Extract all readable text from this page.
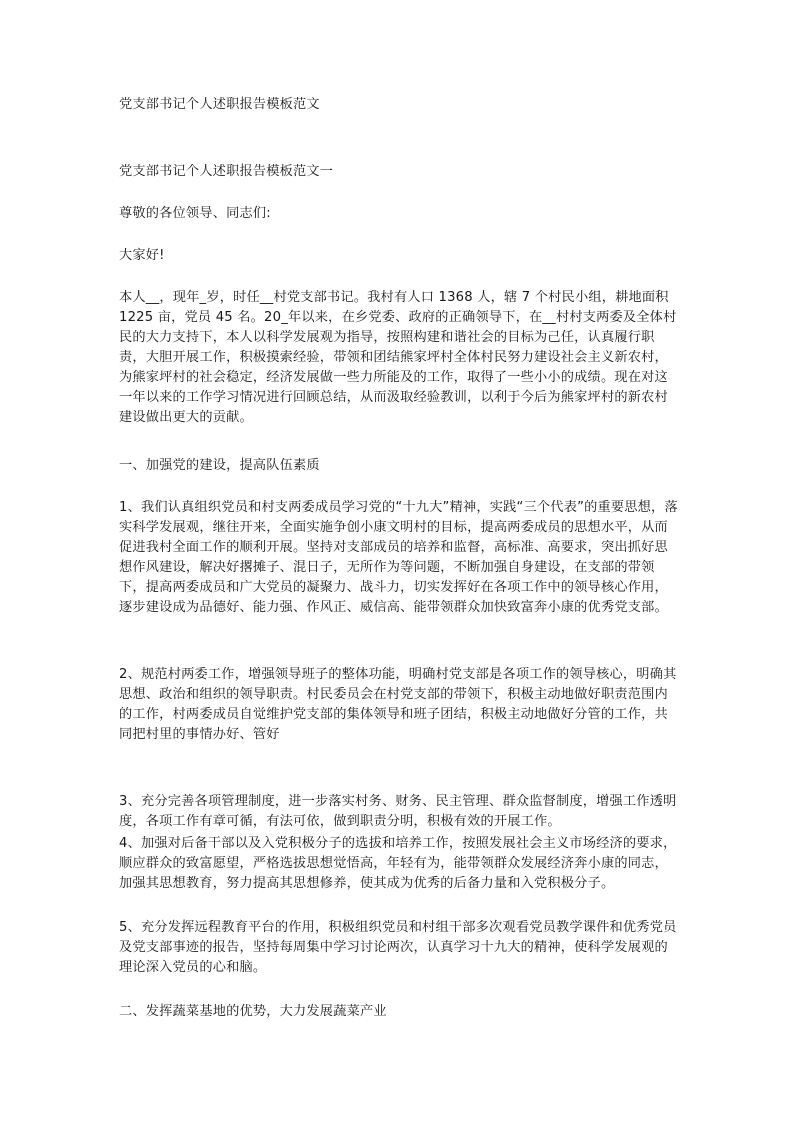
党支部书记个人述职报告模板范文

党支部书记个人述职报告模板范文一

尊敬的各位领导、同志们:

大家好!

本人__，现年_岁，时任__村党支部书记。我村有人口 1368 人，辖 7 个村民小组，耕地面积 1225 亩，党员 45 名。20_年以来，在乡党委、政府的正确领导下，在__村村支两委及全体村民的大力支持下，本人以科学发展观为指导，按照构建和谐社会的目标为己任，认真履行职责，大胆开展工作，积极摸索经验，带领和团结熊家坪村全体村民努力建设社会主义新农村，为熊家坪村的社会稳定，经济发展做一些力所能及的工作，取得了一些小小的成绩。现在对这一年以来的工作学习情况进行回顾总结，从而汲取经验教训，以利于今后为熊家坪村的新农村建设做出更大的贡献。

一、加强党的建设，提高队伍素质

1、我们认真组织党员和村支两委成员学习党的“十九大”精神，实践“三个代表”的重要思想，落实科学发展观，继往开来，全面实施争创小康文明村的目标，提高两委成员的思想水平，从而促进我村全面工作的顺利开展。坚持对支部成员的培养和监督，高标准、高要求，突出抓好思想作风建设，解决好撂摊子、混日子，无所作为等问题，不断加强自身建设，在支部的带领下，提高两委成员和广大党员的凝聚力、战斗力，切实发挥好在各项工作中的领导核心作用，逐步建设成为品德好、能力强、作风正、威信高、能带领群众加快致富奔小康的优秀党支部。

2、规范村两委工作，增强领导班子的整体功能，明确村党支部是各项工作的领导核心，明确其思想、政治和组织的领导职责。村民委员会在村党支部的带领下，积极主动地做好职责范围内的工作，村两委成员自觉维护党支部的集体领导和班子团结，积极主动地做好分管的工作，共同把村里的事情办好、管好

3、充分完善各项管理制度，进一步落实村务、财务、民主管理、群众监督制度，增强工作透明度，各项工作有章可循，有法可依，做到职责分明，积极有效的开展工作。

4、加强对后备干部以及入党积极分子的选拔和培养工作，按照发展社会主义市场经济的要求，顺应群众的致富愿望，严格选拔思想觉悟高，年轻有为，能带领群众发展经济奔小康的同志，加强其思想教育，努力提高其思想修养，使其成为优秀的后备力量和入党积极分子。

5、充分发挥远程教育平台的作用，积极组织党员和村组干部多次观看党员教学课件和优秀党员及党支部事迹的报告，坚持每周集中学习讨论两次，认真学习十九大的精神，使科学发展观的理论深入党员的心和脑。

二、发挥蔬菜基地的优势，大力发展蔬菜产业
